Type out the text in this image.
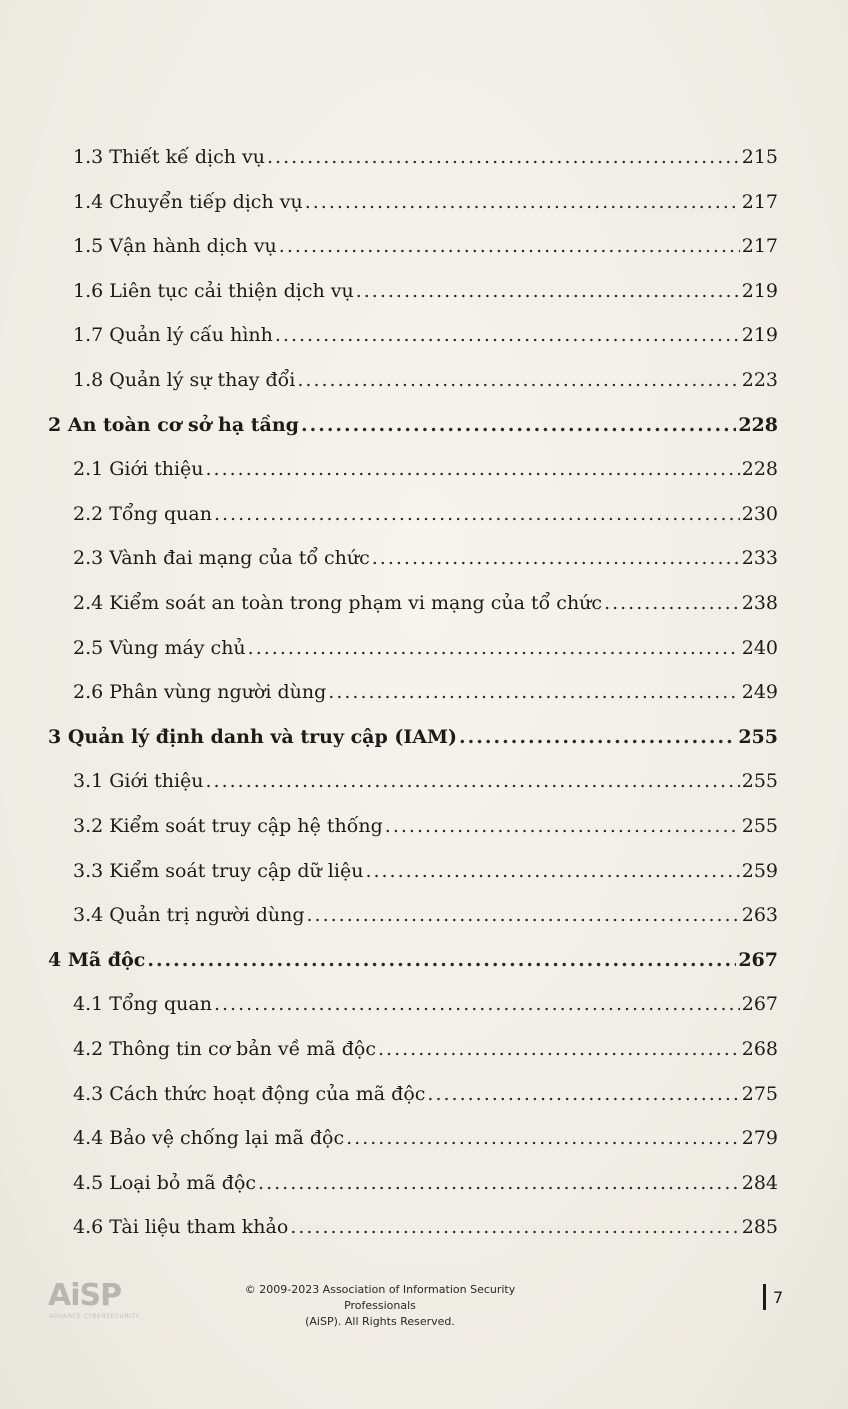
1.3 Thiết kế dịch vụ .....	215
1.4 Chuyển tiếp dịch vụ .....	217
1.5 Vận hành dịch vụ .....	217
1.6 Liên tục cải thiện dịch vụ .....	219
1.7 Quản lý cấu hình .....	219
1.8 Quản lý sự thay đổi .....	223
2 An toàn cơ sở hạ tầng .....	228
2.1 Giới thiệu .....	228
2.2 Tổng quan .....	230
2.3 Vành đai mạng của tổ chức .....	233
2.4 Kiểm soát an toàn trong phạm vi mạng của tổ chức .....	238
2.5 Vùng máy chủ .....	240
2.6 Phân vùng người dùng .....	249
3 Quản lý định danh và truy cập (IAM) .....	255
3.1 Giới thiệu .....	255
3.2 Kiểm soát truy cập hệ thống .....	255
3.3 Kiểm soát truy cập dữ liệu .....	259
3.4 Quản trị người dùng .....	263
4 Mã độc .....	267
4.1 Tổng quan .....	267
4.2 Thông tin cơ bản về mã độc .....	268
4.3 Cách thức hoạt động của mã độc .....	275
4.4 Bảo vệ chống lại mã độc .....	279
4.5 Loại bỏ mã độc .....	284
4.6 Tài liệu tham khảo .....	285
AiSP
ADVANCE CYBERSECURITY
© 2009-2023 Association of Information Security Professionals
(AiSP). All Rights Reserved.
7
